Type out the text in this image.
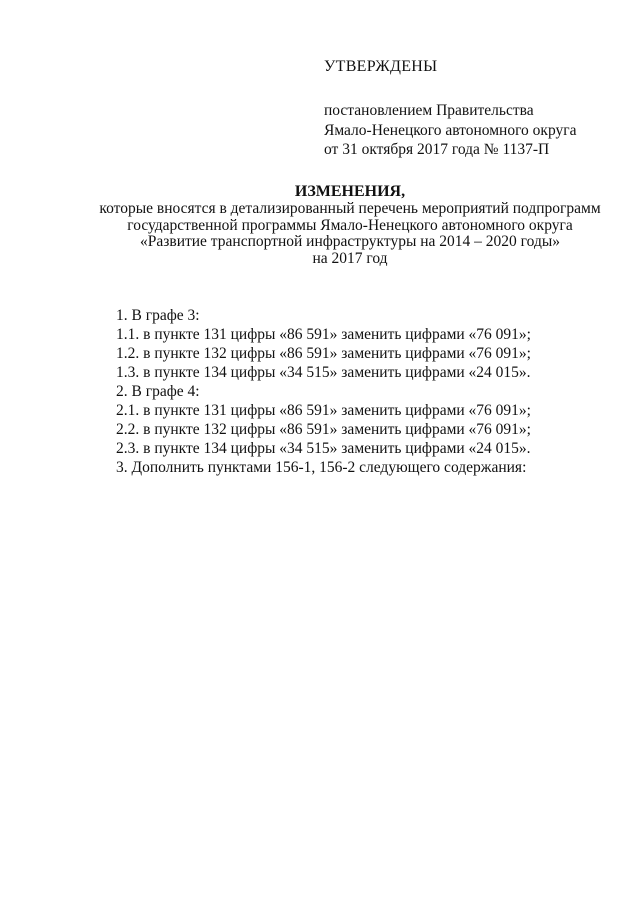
УТВЕРЖДЕНЫ

постановлением Правительства

Ямало-Ненецкого автономного округа

от 31 октября 2017 года № 1137-П

ИЗМЕНЕНИЯ,

которые вносятся в детализированный перечень мероприятий подпрограмм

государственной программы Ямало-Ненецкого автономного округа

«Развитие транспортной инфраструктуры на 2014 – 2020 годы»

на 2017 год

1. В графе 3:

1.1. в пункте 131 цифры «86 591» заменить цифрами «76 091»;

1.2. в пункте 132 цифры «86 591» заменить цифрами «76 091»;

1.3. в пункте 134 цифры «34 515» заменить цифрами «24 015».

2. В графе 4:

2.1. в пункте 131 цифры «86 591» заменить цифрами «76 091»;

2.2. в пункте 132 цифры «86 591» заменить цифрами «76 091»;

2.3. в пункте 134 цифры «34 515» заменить цифрами «24 015».

3. Дополнить пунктами 156-1, 156-2 следующего содержания:
